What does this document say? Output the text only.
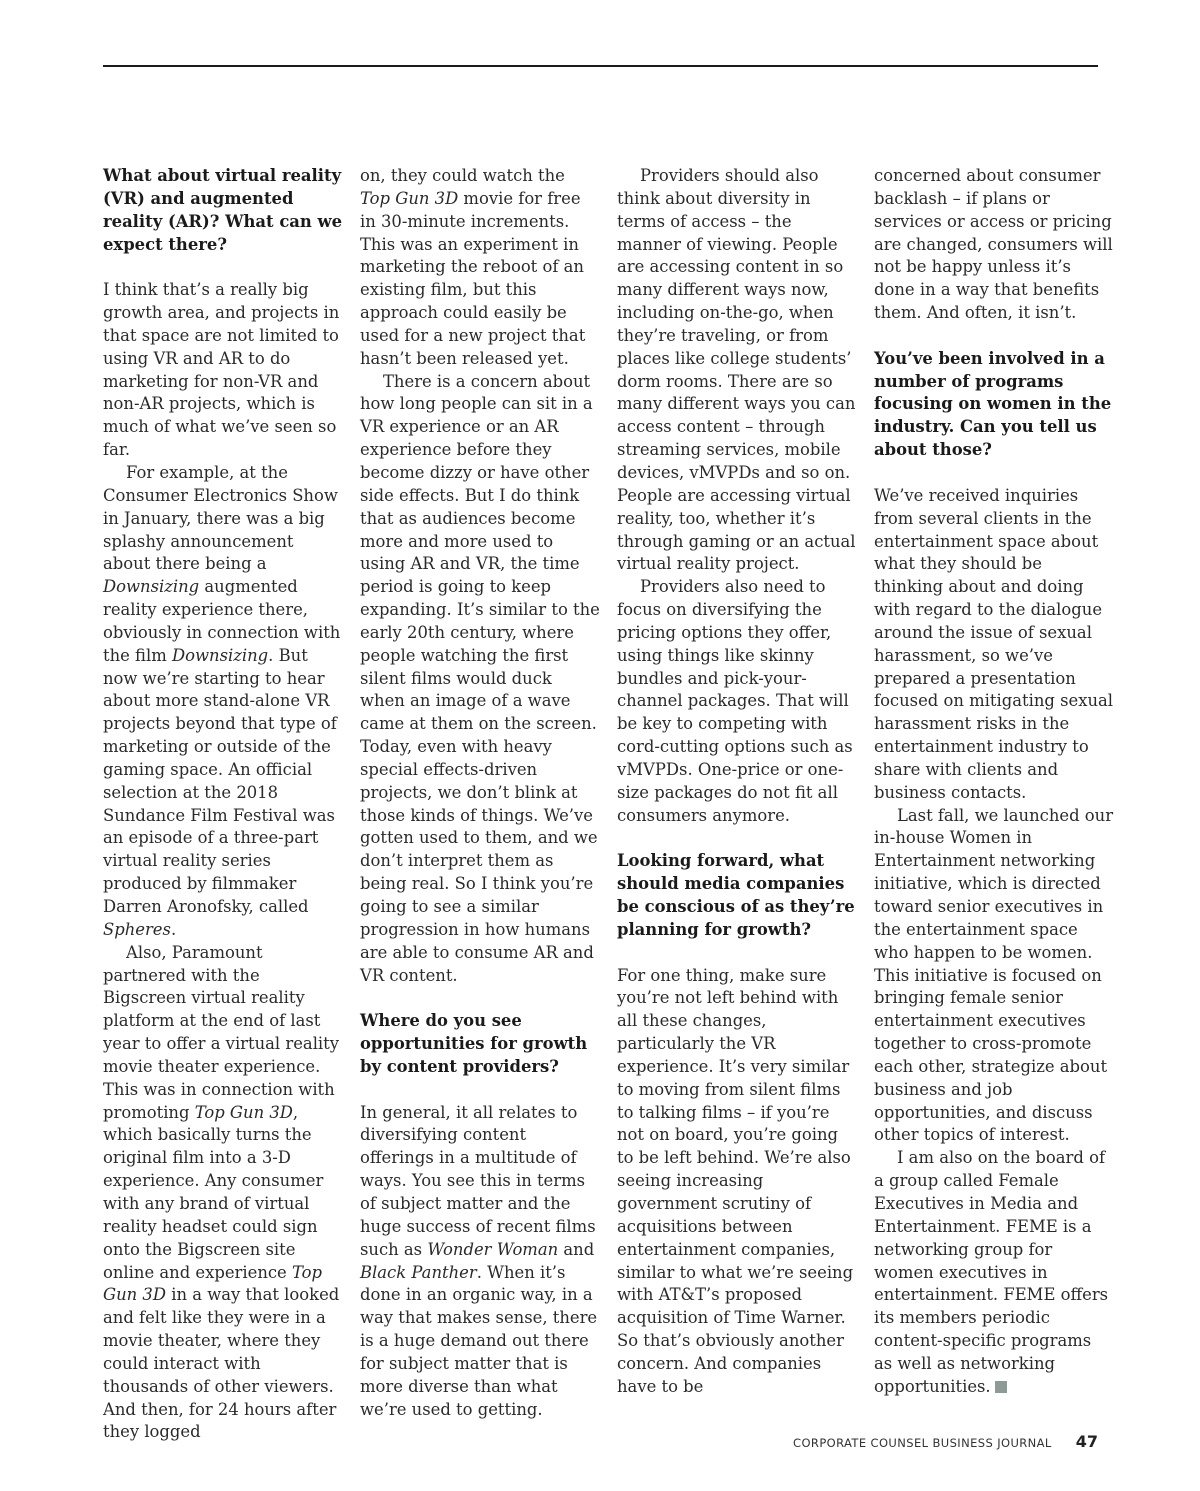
What about virtual reality (VR) and augmented reality (AR)? What can we expect there?

I think that’s a really big growth area, and projects in that space are not limited to using VR and AR to do marketing for non-VR and non-AR projects, which is much of what we’ve seen so far.

For example, at the Consumer Electronics Show in January, there was a big splashy announcement about there being a Downsizing augmented reality experience there, obviously in connection with the film Downsizing. But now we’re starting to hear about more stand-alone VR projects beyond that type of marketing or outside of the gaming space. An official selection at the 2018 Sundance Film Festival was an episode of a three-part virtual reality series produced by filmmaker Darren Aronofsky, called Spheres.

Also, Paramount partnered with the Bigscreen virtual reality platform at the end of last year to offer a virtual reality movie theater experience. This was in connection with promoting Top Gun 3D, which basically turns the original film into a 3-D experience. Any consumer with any brand of virtual reality headset could sign onto the Bigscreen site online and experience Top Gun 3D in a way that looked and felt like they were in a movie theater, where they could interact with thousands of other viewers. And then, for 24 hours after they logged

on, they could watch the Top Gun 3D movie for free in 30-minute increments. This was an experiment in marketing the reboot of an existing film, but this approach could easily be used for a new project that hasn’t been released yet.

There is a concern about how long people can sit in a VR experience or an AR experience before they become dizzy or have other side effects. But I do think that as audiences become more and more used to using AR and VR, the time period is going to keep expanding. It’s similar to the early 20th century, where people watching the first silent films would duck when an image of a wave came at them on the screen. Today, even with heavy special effects-driven projects, we don’t blink at those kinds of things. We’ve gotten used to them, and we don’t interpret them as being real. So I think you’re going to see a similar progression in how humans are able to consume AR and VR content.

Where do you see opportunities for growth by content providers?

In general, it all relates to diversifying content offerings in a multitude of ways. You see this in terms of subject matter and the huge success of recent films such as Wonder Woman and Black Panther. When it’s done in an organic way, in a way that makes sense, there is a huge demand out there for subject matter that is more diverse than what we’re used to getting.

Providers should also think about diversity in terms of access – the manner of viewing. People are accessing content in so many different ways now, including on-the-go, when they’re traveling, or from places like college students’ dorm rooms. There are so many different ways you can access content – through streaming services, mobile devices, vMVPDs and so on. People are accessing virtual reality, too, whether it’s through gaming or an actual virtual reality project.

Providers also need to focus on diversifying the pricing options they offer, using things like skinny bundles and pick-your-channel packages. That will be key to competing with cord-cutting options such as vMVPDs. One-price or one-size packages do not fit all consumers anymore.

Looking forward, what should media companies be conscious of as they’re planning for growth?

For one thing, make sure you’re not left behind with all these changes, particularly the VR experience. It’s very similar to moving from silent films to talking films – if you’re not on board, you’re going to be left behind. We’re also seeing increasing government scrutiny of acquisitions between entertainment companies, similar to what we’re seeing with AT&T’s proposed acquisition of Time Warner. So that’s obviously another concern. And companies have to be

concerned about consumer backlash – if plans or services or access or pricing are changed, consumers will not be happy unless it’s done in a way that benefits them. And often, it isn’t.

You’ve been involved in a number of programs focusing on women in the industry. Can you tell us about those?

We’ve received inquiries from several clients in the entertainment space about what they should be thinking about and doing with regard to the dialogue around the issue of sexual harassment, so we’ve prepared a presentation focused on mitigating sexual harassment risks in the entertainment industry to share with clients and business contacts.

Last fall, we launched our in-house Women in Entertainment networking initiative, which is directed toward senior executives in the entertainment space who happen to be women. This initiative is focused on bringing female senior entertainment executives together to cross-promote each other, strategize about business and job opportunities, and discuss other topics of interest.

I am also on the board of a group called Female Executives in Media and Entertainment. FEME is a networking group for women executives in entertainment. FEME offers its members periodic content-specific programs as well as networking opportunities.

CORPORATE COUNSEL BUSINESS JOURNAL 47
